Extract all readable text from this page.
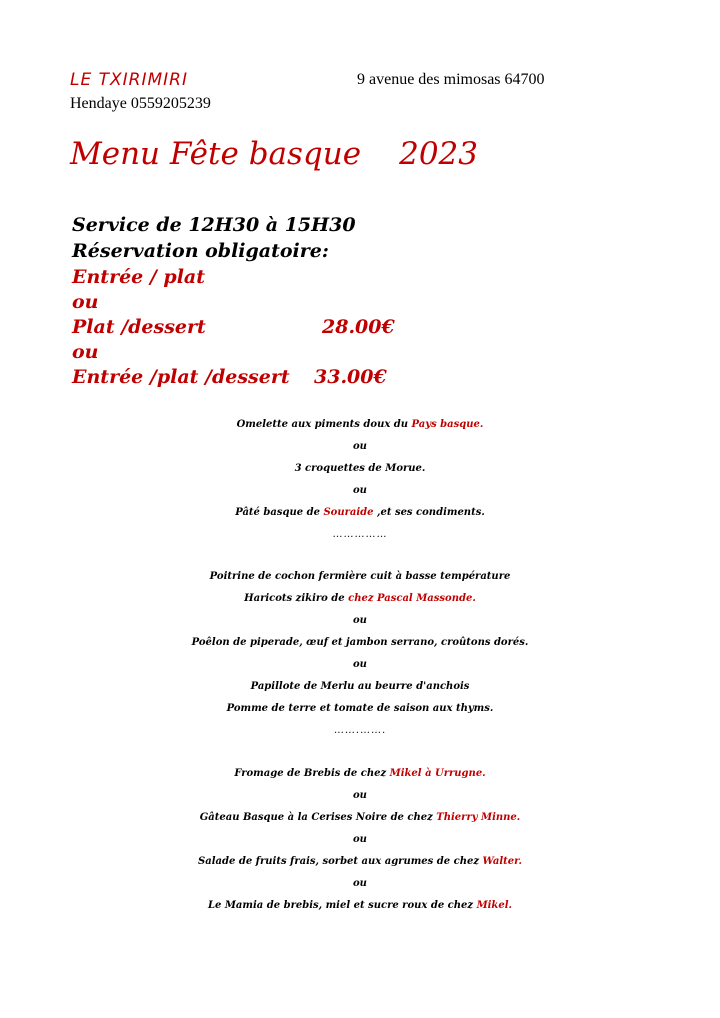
LE TXIRIMIRI	9 avenue des mimosas 64700
Hendaye 0559205239
Menu Fête basque 2023
Service de 12H30 à 15H30
Réservation obligatoire:
Entrée / plat
ou
Plat /dessert	28.00€
ou
Entrée /plat /dessert 33.00€
Omelette aux piments doux du Pays basque.
ou
3 croquettes de Morue.
ou
Pâté basque de Souraide ,et ses condiments.
……………
Poitrine de cochon fermière cuit à basse température
Haricots zikiro de chez Pascal Massonde.
ou
Poêlon de piperade, œuf et jambon serrano, croûtons dorés.
ou
Papillote de Merlu au beurre d'anchois
Pomme de terre et tomate de saison aux thyms.
…….…….
Fromage de Brebis de chez Mikel à Urrugne.
ou
Gâteau Basque à la Cerises Noire de chez Thierry Minne.
ou
Salade de fruits frais, sorbet aux agrumes de chez Walter.
ou
Le Mamia de brebis, miel et sucre roux de chez Mikel.
